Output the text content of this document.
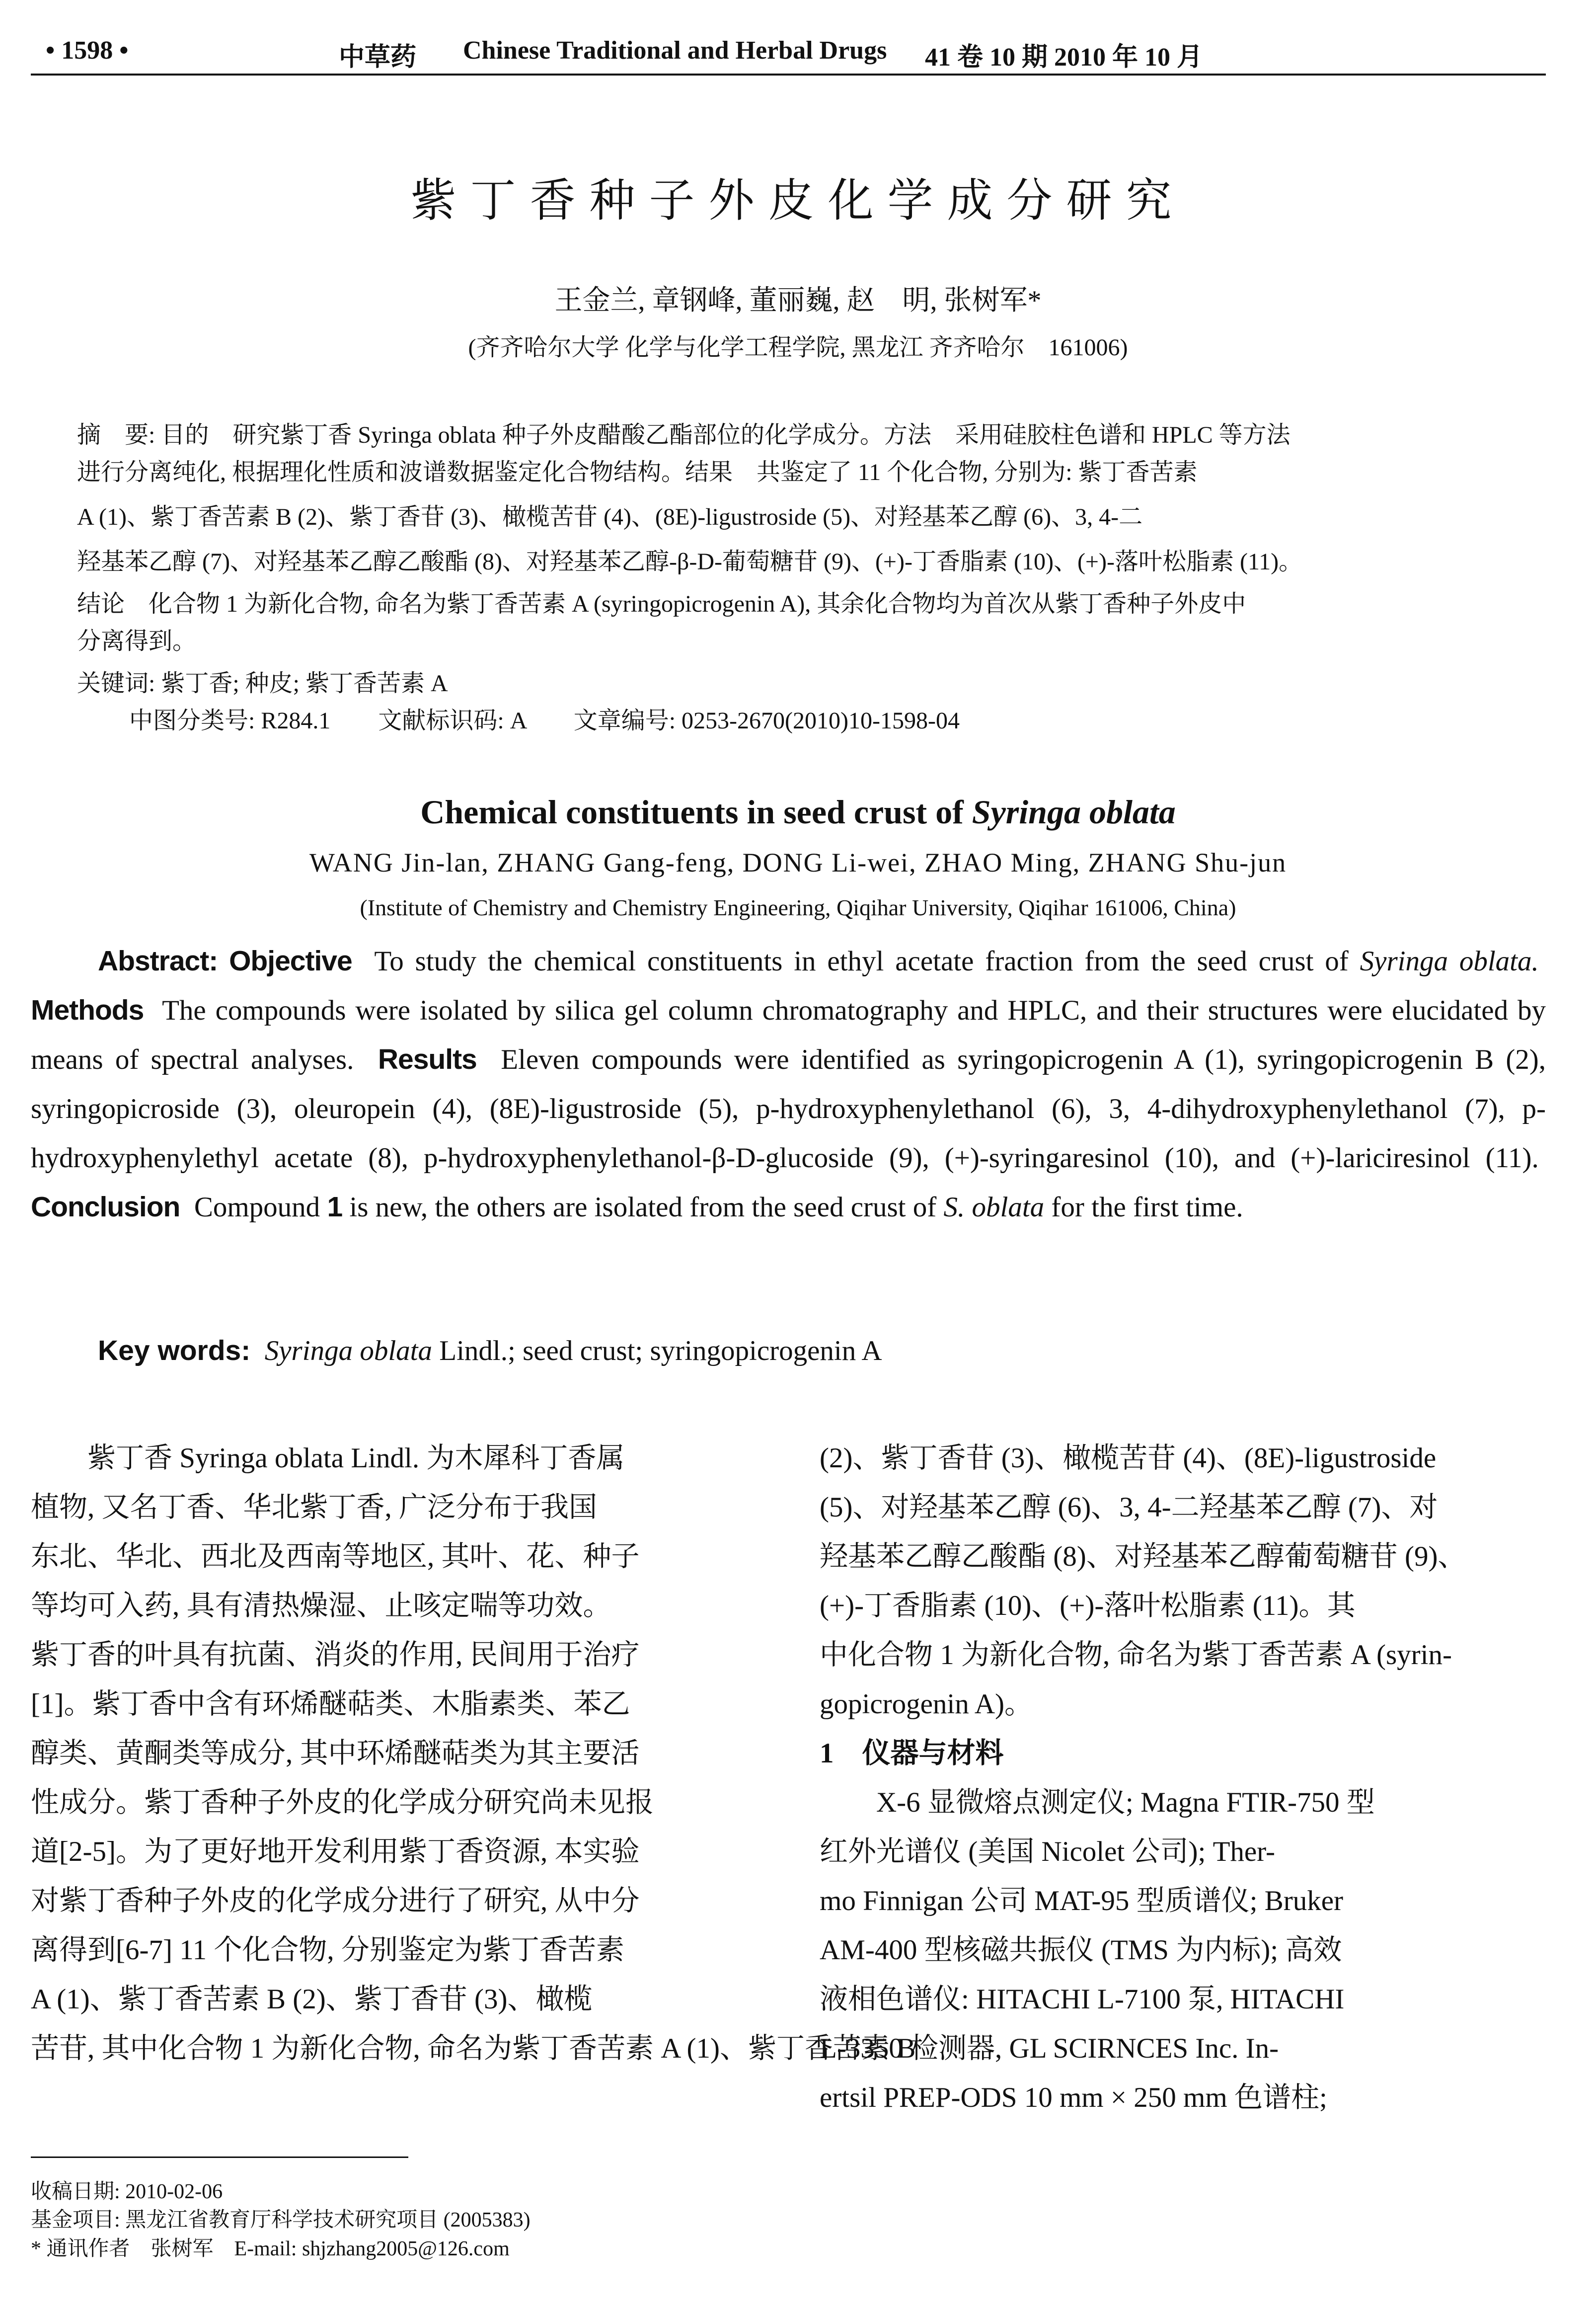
• 1598 •	中草药 Chinese Traditional and Herbal Drugs 41 卷 10 期 2010 年 10 月
紫丁香种子外皮化学成分研究
王金兰, 章钢峰, 董丽巍, 赵　明, 张树军*
(齐齐哈尔大学 化学与化学工程学院, 黑龙江 齐齐哈尔　161006)
摘　要: 目的　研究紫丁香 Syringa oblata 种子外皮醋酸乙酯部位的化学成分。方法　采用硅胶柱色谱和 HPLC 等方法
进行分离纯化, 根据理化性质和波谱数据鉴定化合物结构。结果　共鉴定了 11 个化合物, 分别为: 紫丁香苦素
A (1)、紫丁香苦素 B (2)、紫丁香苷 (3)、橄榄苦苷 (4)、(8E)-ligustroside (5)、对羟基苯乙醇 (6)、3, 4-二
羟基苯乙醇 (7)、对羟基苯乙醇乙酸酯 (8)、对羟基苯乙醇-β-D-葡萄糖苷 (9)、(+)-丁香脂素 (10)、(+)-落叶松脂素 (11)。
结论　化合物 1 为新化合物, 命名为紫丁香苦素 A (syringopicrogenin A), 其余化合物均为首次从紫丁香种子外皮中
分离得到。
关键词: 紫丁香; 种皮; 紫丁香苦素 A
中图分类号: R284.1　　文献标识码: A　　文章编号: 0253-2670(2010)10-1598-04
Chemical constituents in seed crust of Syringa oblata
WANG Jin-lan, ZHANG Gang-feng, DONG Li-wei, ZHAO Ming, ZHANG Shu-jun
(Institute of Chemistry and Chemistry Engineering, Qiqihar University, Qiqihar 161006, China)
Abstract: Objective To study the chemical constituents in ethyl acetate fraction from the seed crust of Syringa oblata.  Methods The compounds were isolated by silica gel column chromatography and HPLC, and their structures were elucidated by means of spectral analyses. Results Eleven compounds were identified as syringopicrogenin A (1), syringopicrogenin B (2), syringopicroside (3), oleuropein (4), (8E)-ligustroside (5), p-hydroxyphenylethanol (6), 3, 4-dihydroxyphenylethanol (7), p-hydroxyphenylethyl acetate (8), p-hydroxyphenylethanol-β-D-glucoside (9), (+)-syringaresinol (10), and (+)-lariciresinol (11).  Conclusion Compound 1 is new, the others are isolated from the seed crust of S. oblata for the first time.
Key words: Syringa oblata Lindl.; seed crust; syringopicrogenin A
　　紫丁香 Syringa oblata Lindl. 为木犀科丁香属
植物, 又名丁香、华北紫丁香, 广泛分布于我国
东北、华北、西北及西南等地区, 其叶、花、种子
等均可入药, 具有清热燥湿、止咳定喘等功效。
紫丁香的叶具有抗菌、消炎的作用, 民间用于治疗
[1]。紫丁香中含有环烯醚萜类、木脂素类、苯乙
醇类、黄酮类等成分, 其中环烯醚萜类为其主要活
性成分。紫丁香种子外皮的化学成分研究尚未见报
道[2-5]。为了更好地开发利用紫丁香资源, 本实验
对紫丁香种子外皮的化学成分进行了研究, 从中分
离得到[6-7] 11 个化合物, 分别鉴定为紫丁香苦素
A (1)、紫丁香苦素 B (2)、紫丁香苷 (3)、橄榄
苦苷, 其中化合物 1 为新化合物, 命名为紫丁香苦素 A (1)、紫丁香苦素 B
(2)、紫丁香苷 (3)、橄榄苦苷 (4)、(8E)-ligustroside
(5)、对羟基苯乙醇 (6)、3, 4-二羟基苯乙醇 (7)、对
羟基苯乙醇乙酸酯 (8)、对羟基苯乙醇葡萄糖苷 (9)、
(+)-丁香脂素 (10)、(+)-落叶松脂素 (11)。其
中化合物 1 为新化合物, 命名为紫丁香苦素 A (syrin-
gopicrogenin A)。
1　仪器与材料
　　X-6 显微熔点测定仪; Magna FTIR-750 型
红外光谱仪 (美国 Nicolet 公司); Ther-
mo Finnigan 公司 MAT-95 型质谱仪; Bruker
AM-400 型核磁共振仪 (TMS 为内标); 高效
液相色谱仪: HITACHI L-7100 泵, HITACHI
L-3350 检测器, GL SCIRNCES Inc. In-
ertsil PREP-ODS 10 mm × 250 mm 色谱柱;
收稿日期: 2010-02-06
基金项目: 黑龙江省教育厅科学技术研究项目 (2005383)
* 通讯作者　张树军　E-mail: shjzhang2005@126.com
